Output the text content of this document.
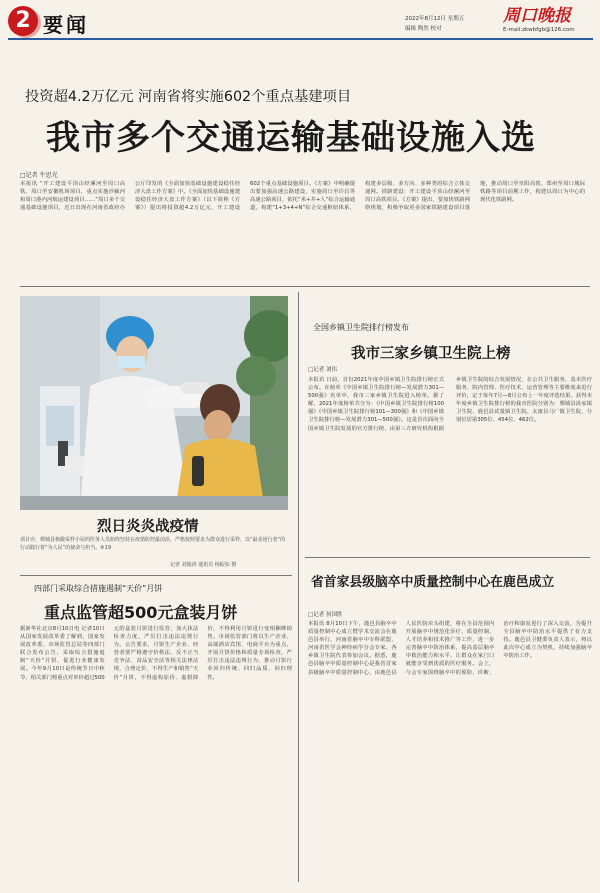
2 要闻	2022年8月12日 星期五
编辑 陶然 校对
周口晚报
E-mail:zkwbfgb@126.com
投资超4.2万亿元 河南省将实施602个重点基建项目
我市多个交通运输基础设施入选
□记者 牛思光
本报讯 “开工建设平顶山经漯河至周口高铁，周口至安徽机场项目，重点实施沙颍河和周口港内河航运建设项目……”周口多个交通基础设施项目，近日出现在河南省政府办公厅印发的《全面加快基础设施建设稳住经济大盘工作方案》中。《全面加快基础设施建设稳住经济大盘工作方案》（以下简称《方案》）提出将投资超4.2万亿元，开工建设602个重点基础设施项目。《方案》中明确提出要加强高速公路建设，实施周口至许昌等高速公路项目，依托“米+井+人”综合运输通道，构建“1+3+4+N”综合交通枢纽体系，构建多层级、多方向、多种类的综合立体交通网。铁路建设：开工建设平顶山经漯河至周口高铁项目。《方案》提出，要加快铁路网络规划，积极争取更多国家铁路建设项目落地，推动周口至阜阳高铁、郑州至周口城际铁路等项目前期工作，构建以周口为中心的现代化铁路网。
烈日炎炎战疫情
项目旁，郸城县核酸采样小屋的医务人员始终坚持在疫情防控最前沿，严格按照要求为群众进行采样，以“最美逆行者”的行动践行着“为人民”的使命与担当。⑧19
记者 刘俊涛 通讯员 杨振如 摄
全国乡镇卫生院排行榜发布
我市三家乡镇卫生院上榜
□记者 刘伟
本报讯 日前，首份2021年度中国乡镇卫生院排行榜正式公布。在榜单《中国乡镇卫生院排行榜—发展潜力301—500强》名单中，我市三家乡镇卫生院进入榜单。据了解，2021年度榜单共分为：《中国乡镇卫生院排行榜100强》《中国乡镇卫生院排行榜101—300强》和《中国乡镇卫生院排行榜—发展潜力301—500强》。这是首次面向全国乡镇卫生院发展的官方排行榜，由第三方研究机构根据乡镇卫生院的综合发展情况，在公共卫生服务、基本医疗服务、院内管理、医疗技术、运营管理等主要维度来进行评价，定于每年7月—8月公布上一年度评选结果。获得本年度乡镇卫生院排行榜的我市医院分别为：郸城县汲冢镇卫生院、鹿邑县试量镇卫生院、太康县马厂镇卫生院，分别位居第305位、454位、462位。
四部门采取综合措施遏制“天价”月饼
重点监管超500元盒装月饼
据新华社北京8月10日电 记者10日从国家发展改革委了解到，国家发展改革委、市场监管总局等四部门联合发布公告，采取综合措施遏制“天价”月饼，促进行业健康发展。今年9月10日是传统节日中秋节，相关部门将重点对单价超过500元的盒装月饼进行监管，加大执法检查力度，严厉打击违法违规行为。公告要求，月饼生产企业、经营者要严格遵守价格法、反不正当竞争法、食品安全法等相关法律法规，合理定价，不得生产和销售“天价”月饼，不得虚构原价、虚假降价，不得利用月饼进行变相捆绑销售。市场监管部门将以生产企业、高端酒店宾馆、电商平台为重点，开展月饼价格和质量专项检查，严厉打击违法违规行为，推动月饼行业回归传统、回归品质、回归理性。
省首家县级脑卒中质量控制中心在鹿邑成立
□记者 侯国胜
本报讯 8月10日下午，鹿邑县脑卒中质量控制中心成立暨学术交流会在鹿邑县举行，河南省脑卒中专科联盟、河南省医学会神经病学分会专家、各乡镇卫生院代表参加会议。据悉，鹿邑县脑卒中质量控制中心是我省首家县级脑卒中质量控制中心，由鹿邑县人民医院牵头组建，将在全县范围内开展脑卒中规范化诊疗、质量控制、人才培养和技术推广等工作，进一步完善脑卒中防治体系，提高基层脑卒中救治能力和水平，让群众在家门口就能享受到优质的医疗服务。会上，与会专家围绕脑卒中的预防、诊断、治疗和康复进行了深入交流，为提升全县脑卒中防治水平提供了有力支持。鹿邑县卫健委负责人表示，将以此次中心成立为契机，持续加强脑卒中防治工作。
